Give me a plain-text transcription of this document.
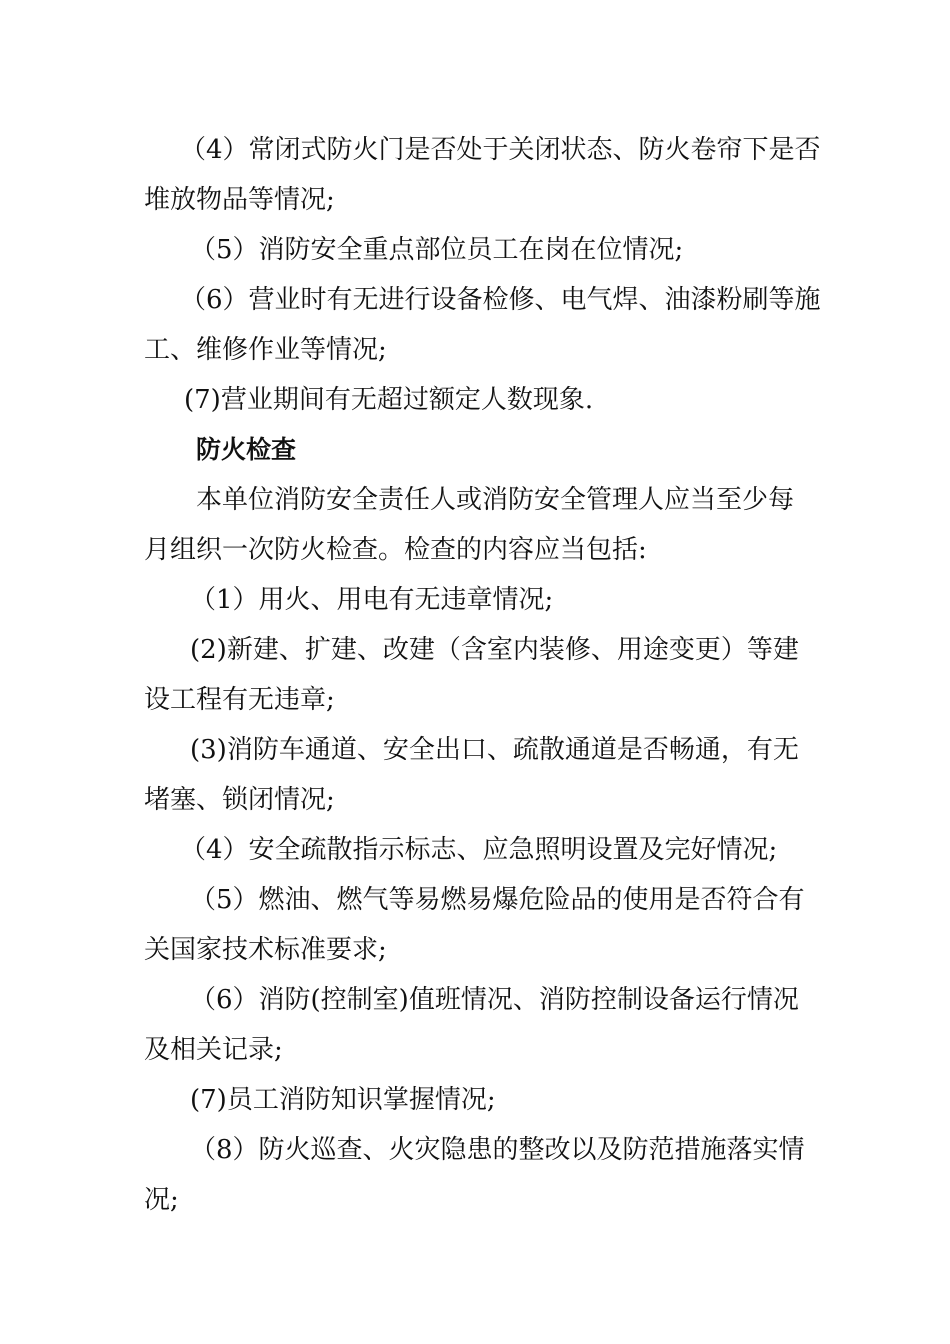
（4）常闭式防火门是否处于关闭状态、防火卷帘下是否
堆放物品等情况;
（5）消防安全重点部位员工在岗在位情况;
（6）营业时有无进行设备检修、电气焊、油漆粉刷等施
工、维修作业等情况;
(7)营业期间有无超过额定人数现象.
防火检查
本单位消防安全责任人或消防安全管理人应当至少每
月组织一次防火检查。检查的内容应当包括:
（1）用火、用电有无违章情况;
(2)新建、扩建、改建（含室内装修、用途变更）等建
设工程有无违章;
(3)消防车通道、安全出口、疏散通道是否畅通，有无
堵塞、锁闭情况;
（4）安全疏散指示标志、应急照明设置及完好情况;
（5）燃油、燃气等易燃易爆危险品的使用是否符合有
关国家技术标准要求;
（6）消防(控制室)值班情况、消防控制设备运行情况
及相关记录;
(7)员工消防知识掌握情况;
（8）防火巡查、火灾隐患的整改以及防范措施落实情
况;
